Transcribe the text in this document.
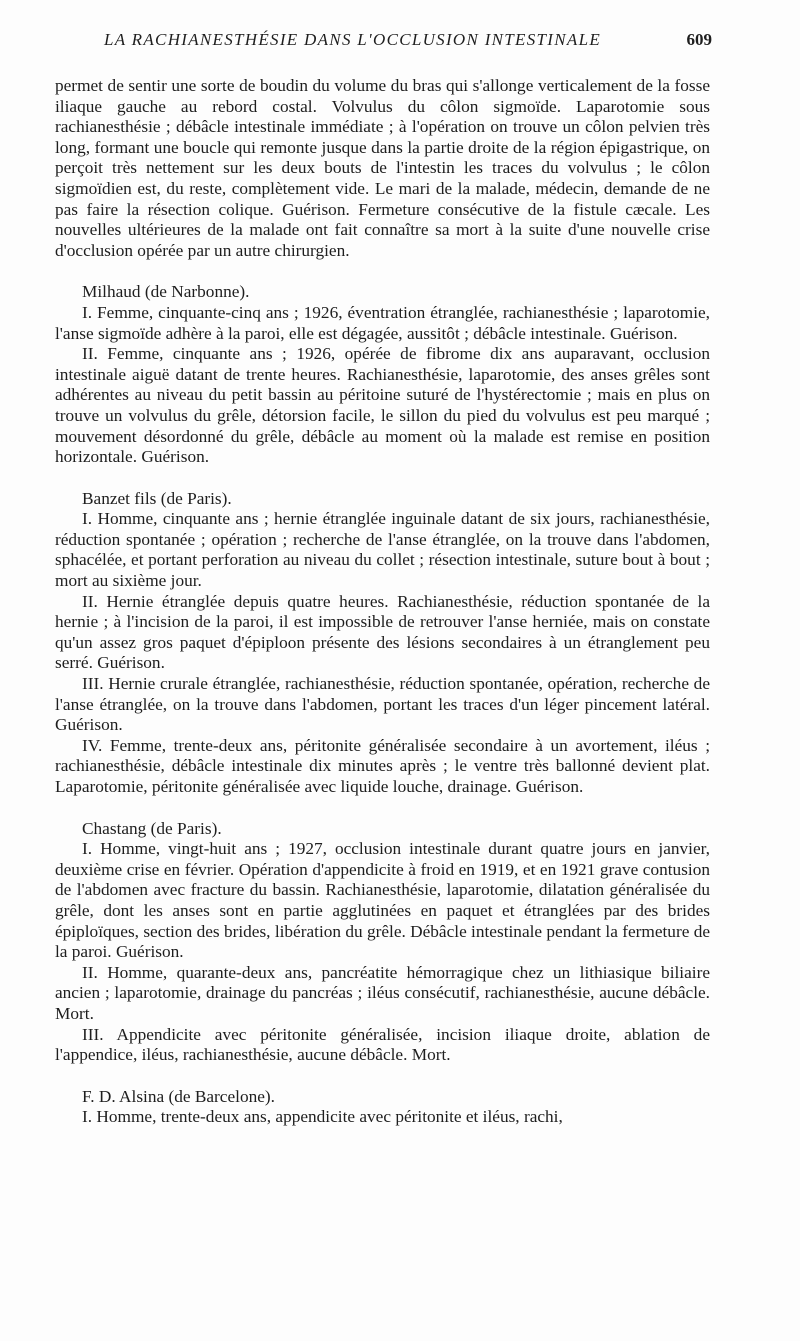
LA RACHIANESTHÉSIE DANS L'OCCLUSION INTESTINALE	609

permet de sentir une sorte de boudin du volume du bras qui s'allonge verticalement de la fosse iliaque gauche au rebord costal. Volvulus du côlon sigmoïde. Laparotomie sous rachianesthésie ; débâcle intestinale immédiate ; à l'opération on trouve un côlon pelvien très long, formant une boucle qui remonte jusque dans la partie droite de la région épigastrique, on perçoit très nettement sur les deux bouts de l'intestin les traces du volvulus ; le côlon sigmoïdien est, du reste, complètement vide. Le mari de la malade, médecin, demande de ne pas faire la résection colique. Guérison. Fermeture consécutive de la fistule cæcale. Les nouvelles ultérieures de la malade ont fait connaître sa mort à la suite d'une nouvelle crise d'occlusion opérée par un autre chirurgien.

Milhaud (de Narbonne).

I. Femme, cinquante-cinq ans ; 1926, éventration étranglée, rachianesthésie ; laparotomie, l'anse sigmoïde adhère à la paroi, elle est dégagée, aussitôt ; débâcle intestinale. Guérison.

II. Femme, cinquante ans ; 1926, opérée de fibrome dix ans auparavant, occlusion intestinale aiguë datant de trente heures. Rachianesthésie, laparotomie, des anses grêles sont adhérentes au niveau du petit bassin au péritoine suturé de l'hystérectomie ; mais en plus on trouve un volvulus du grêle, détorsion facile, le sillon du pied du volvulus est peu marqué ; mouvement désordonné du grêle, débâcle au moment où la malade est remise en position horizontale. Guérison.

Banzet fils (de Paris).

I. Homme, cinquante ans ; hernie étranglée inguinale datant de six jours, rachianesthésie, réduction spontanée ; opération ; recherche de l'anse étranglée, on la trouve dans l'abdomen, sphacélée, et portant perforation au niveau du collet ; résection intestinale, suture bout à bout ; mort au sixième jour.

II. Hernie étranglée depuis quatre heures. Rachianesthésie, réduction spontanée de la hernie ; à l'incision de la paroi, il est impossible de retrouver l'anse herniée, mais on constate qu'un assez gros paquet d'épiploon présente des lésions secondaires à un étranglement peu serré. Guérison.

III. Hernie crurale étranglée, rachianesthésie, réduction spontanée, opération, recherche de l'anse étranglée, on la trouve dans l'abdomen, portant les traces d'un léger pincement latéral. Guérison.

IV. Femme, trente-deux ans, péritonite généralisée secondaire à un avortement, iléus ; rachianesthésie, débâcle intestinale dix minutes après ; le ventre très ballonné devient plat. Laparotomie, péritonite généralisée avec liquide louche, drainage. Guérison.

Chastang (de Paris).

I. Homme, vingt-huit ans ; 1927, occlusion intestinale durant quatre jours en janvier, deuxième crise en février. Opération d'appendicite à froid en 1919, et en 1921 grave contusion de l'abdomen avec fracture du bassin. Rachianesthésie, laparotomie, dilatation généralisée du grêle, dont les anses sont en partie agglutinées en paquet et étranglées par des brides épiploïques, section des brides, libération du grêle. Débâcle intestinale pendant la fermeture de la paroi. Guérison.

II. Homme, quarante-deux ans, pancréatite hémorragique chez un lithiasique biliaire ancien ; laparotomie, drainage du pancréas ; iléus consécutif, rachianesthésie, aucune débâcle. Mort.

III. Appendicite avec péritonite généralisée, incision iliaque droite, ablation de l'appendice, iléus, rachianesthésie, aucune débâcle. Mort.

F. D. Alsina (de Barcelone).

I. Homme, trente-deux ans, appendicite avec péritonite et iléus, rachi,
